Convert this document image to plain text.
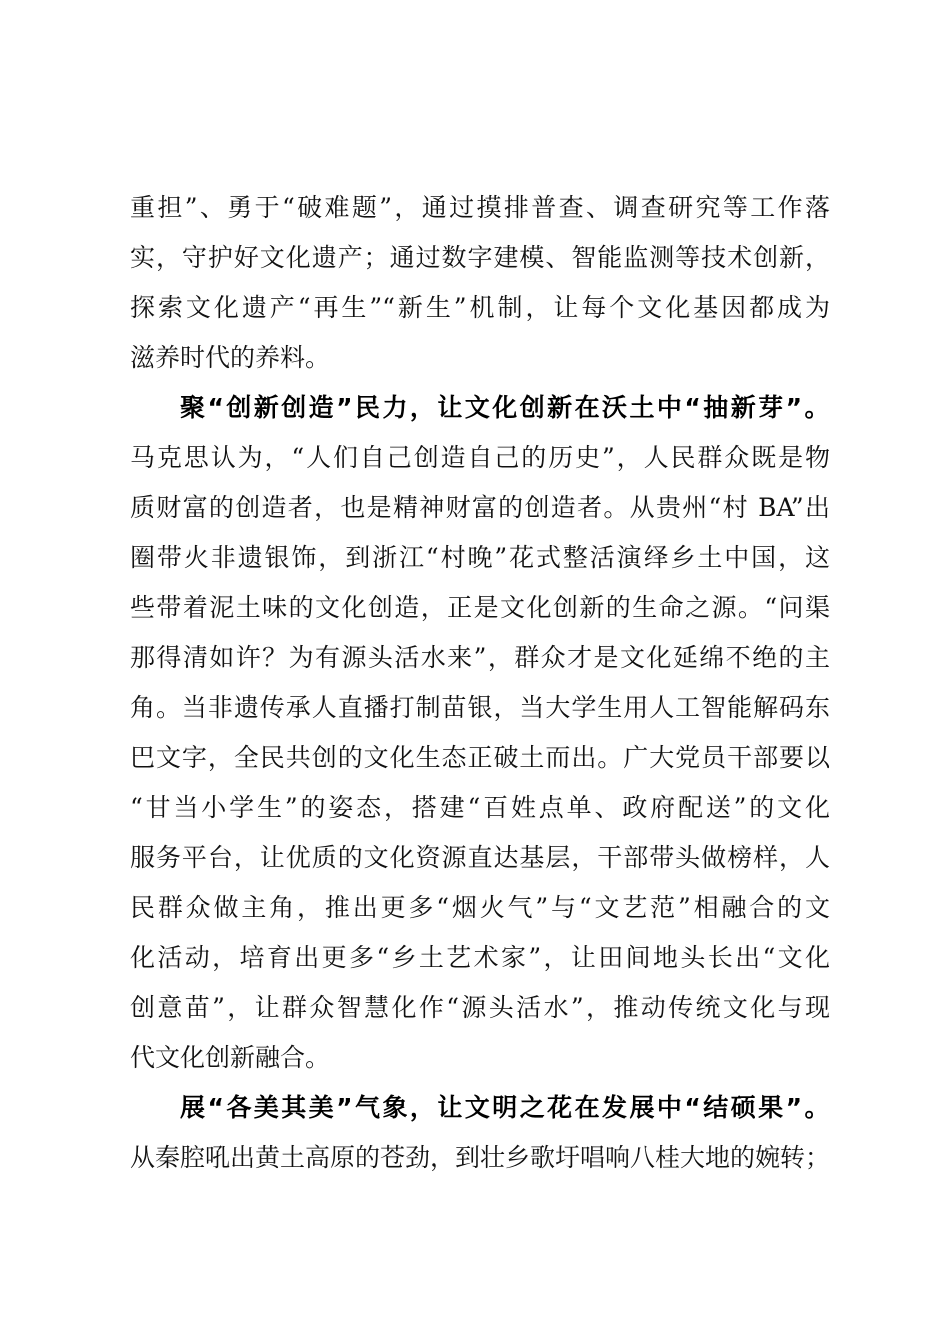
重担”、勇于“破难题”，通过摸排普查、调查研究等工作落
实，守护好文化遗产；通过数字建模、智能监测等技术创新，
探索文化遗产“再生”“新生”机制，让每个文化基因都成为
滋养时代的养料。
聚“创新创造”民力，让文化创新在沃土中“抽新芽”。
马克思认为，“人们自己创造自己的历史”，人民群众既是物
质财富的创造者，也是精神财富的创造者。从贵州“村 BA”出
圈带火非遗银饰，到浙江“村晚”花式整活演绎乡土中国，这
些带着泥土味的文化创造，正是文化创新的生命之源。“问渠
那得清如许？为有源头活水来”，群众才是文化延绵不绝的主
角。当非遗传承人直播打制苗银，当大学生用人工智能解码东
巴文字，全民共创的文化生态正破土而出。广大党员干部要以
“甘当小学生”的姿态，搭建“百姓点单、政府配送”的文化
服务平台，让优质的文化资源直达基层，干部带头做榜样，人
民群众做主角，推出更多“烟火气”与“文艺范”相融合的文
化活动，培育出更多“乡土艺术家”，让田间地头长出“文化
创意苗”，让群众智慧化作“源头活水”，推动传统文化与现
代文化创新融合。
展“各美其美”气象，让文明之花在发展中“结硕果”。
从秦腔吼出黄土高原的苍劲，到壮乡歌圩唱响八桂大地的婉转；
